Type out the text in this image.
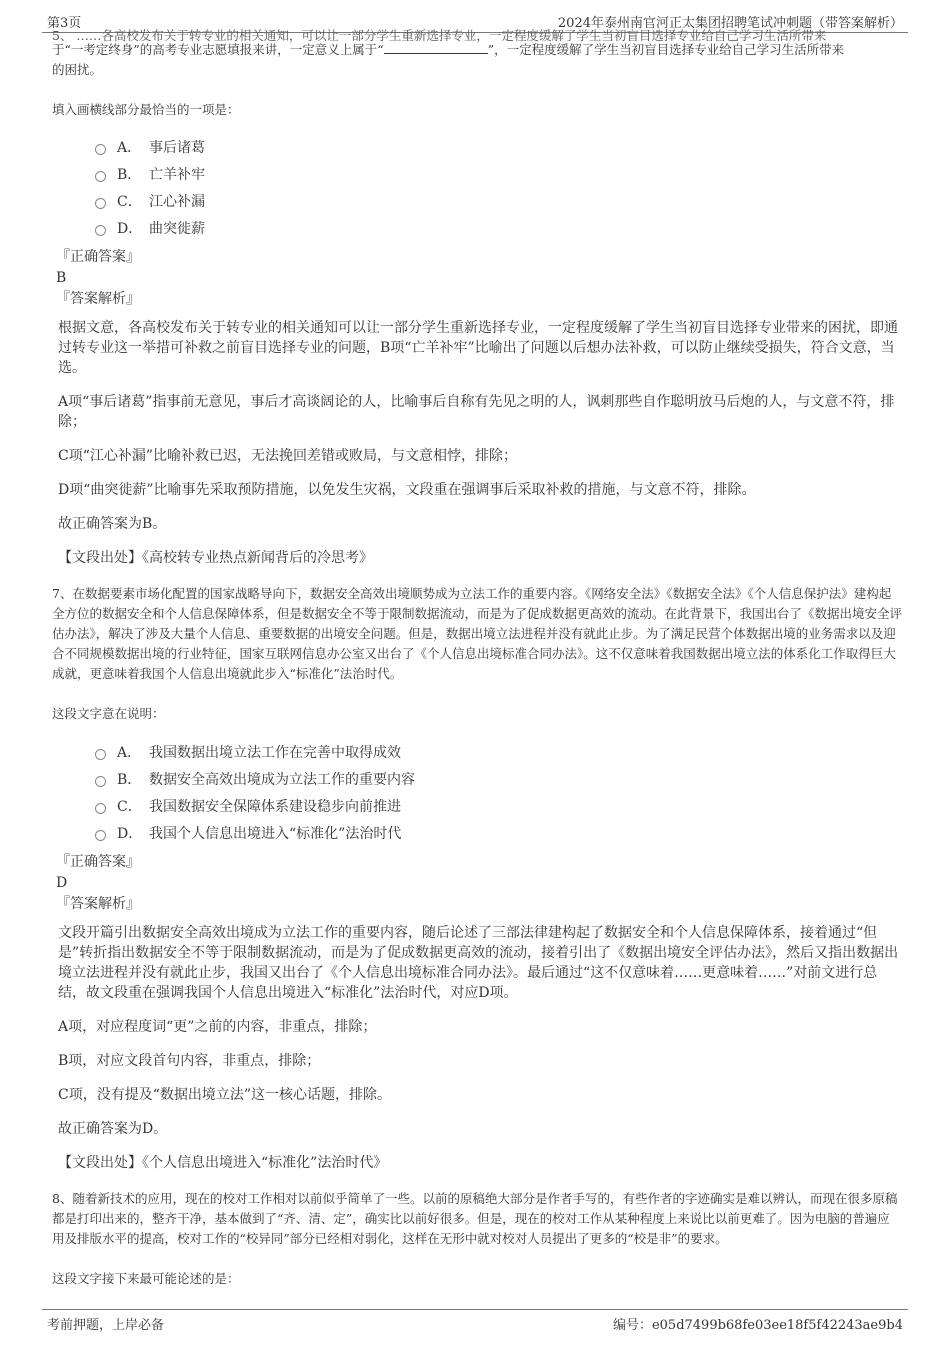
第3页	2024年泰州南官河正太集团招聘笔试冲刺题（带答案解析）

5、 ……各高校发布关于转专业的相关通知，可以让一部分学生重新选择专业，一定程度缓解了学生当初盲目选择专业给自己学习生活所带来

于“一考定终身”的高考专业志愿填报来讲，一定意义上属于“	”，一定程度缓解了学生当初盲目选择专业给自己学习生活所带来

的困扰。

填入画横线部分最恰当的一项是：

A． 事后诸葛
B． 亡羊补牢
C． 江心补漏
D． 曲突徙薪

『正确答案』

B

『答案解析』

根据文意，各高校发布关于转专业的相关通知可以让一部分学生重新选择专业，一定程度缓解了学生当初盲目选择专业带来的困扰，即通过转专业这一举措可补救之前盲目选择专业的问题，B项“亡羊补牢”比喻出了问题以后想办法补救，可以防止继续受损失，符合文意，当选。

A项“事后诸葛”指事前无意见，事后才高谈阔论的人，比喻事后自称有先见之明的人，讽刺那些自作聪明放马后炮的人，与文意不符，排除；

C项“江心补漏”比喻补救已迟，无法挽回差错或败局，与文意相悖，排除；

D项“曲突徙薪”比喻事先采取预防措施，以免发生灾祸，文段重在强调事后采取补救的措施，与文意不符，排除。

故正确答案为B。

【文段出处】《高校转专业热点新闻背后的冷思考》

7、在数据要素市场化配置的国家战略导向下，数据安全高效出境顺势成为立法工作的重要内容。《网络安全法》《数据安全法》《个人信息保护法》建构起全方位的数据安全和个人信息保障体系，但是数据安全不等于限制数据流动，而是为了促成数据更高效的流动。在此背景下，我国出台了《数据出境安全评估办法》，解决了涉及大量个人信息、重要数据的出境安全问题。但是，数据出境立法进程并没有就此止步。为了满足民营个体数据出境的业务需求以及迎合不同规模数据出境的行业特征，国家互联网信息办公室又出台了《个人信息出境标准合同办法》。这不仅意味着我国数据出境立法的体系化工作取得巨大成就，更意味着我国个人信息出境就此步入“标准化”法治时代。

这段文字意在说明：

A． 我国数据出境立法工作在完善中取得成效
B． 数据安全高效出境成为立法工作的重要内容
C． 我国数据安全保障体系建设稳步向前推进
D． 我国个人信息出境进入“标准化”法治时代

『正确答案』

D

『答案解析』

文段开篇引出数据安全高效出境成为立法工作的重要内容，随后论述了三部法律建构起了数据安全和个人信息保障体系，接着通过“但是”转折指出数据安全不等于限制数据流动，而是为了促成数据更高效的流动，接着引出了《数据出境安全评估办法》，然后又指出数据出境立法进程并没有就此止步，我国又出台了《个人信息出境标准合同办法》。最后通过“这不仅意味着……更意味着……”对前文进行总结，故文段重在强调我国个人信息出境进入“标准化”法治时代，对应D项。

A项，对应程度词“更”之前的内容，非重点，排除；

B项，对应文段首句内容，非重点，排除；

C项，没有提及“数据出境立法”这一核心话题，排除。

故正确答案为D。

【文段出处】《个人信息出境进入“标准化”法治时代》

8、随着新技术的应用，现在的校对工作相对以前似乎简单了一些。以前的原稿绝大部分是作者手写的，有些作者的字迹确实是难以辨认，而现在很多原稿都是打印出来的，整齐干净，基本做到了“齐、清、定”，确实比以前好很多。但是，现在的校对工作从某种程度上来说比以前更难了。因为电脑的普遍应用及排版水平的提高，校对工作的“校异同”部分已经相对弱化，这样在无形中就对校对人员提出了更多的“校是非”的要求。

这段文字接下来最可能论述的是：

考前押题，上岸必备	编号：e05d7499b68fe03ee18f5f42243ae9b4
